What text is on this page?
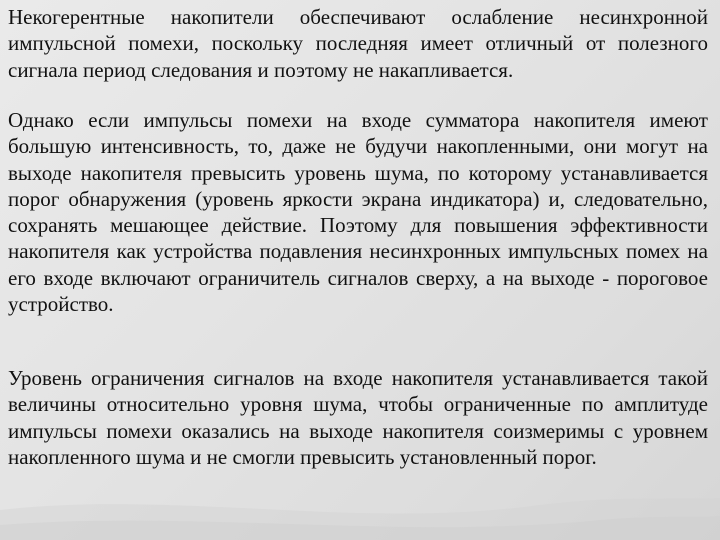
Некогерентные накопители обеспечивают ослабление несинхронной импульсной помехи, поскольку последняя имеет отличный от полезного сигнала период следования и поэтому не накапливается.

Однако если импульсы помехи на входе сумматора накопителя имеют большую интенсивность, то, даже не будучи накопленными, они могут на выходе накопителя превысить уровень шума, по которому устанавливается порог обнаружения (уровень яркости экрана индикатора) и, следовательно, сохранять мешающее действие. Поэтому для повышения эффективности накопителя как устройства подавления несинхронных импульсных помех на его входе включают ограничитель сигналов сверху, а на выходе - пороговое устройство.

Уровень ограничения сигналов на входе накопителя устанавливается такой величины относительно уровня шума, чтобы ограниченные по амплитуде импульсы помехи оказались на выходе накопителя соизмеримы с уровнем накопленного шума и не смогли превысить установленный порог.
